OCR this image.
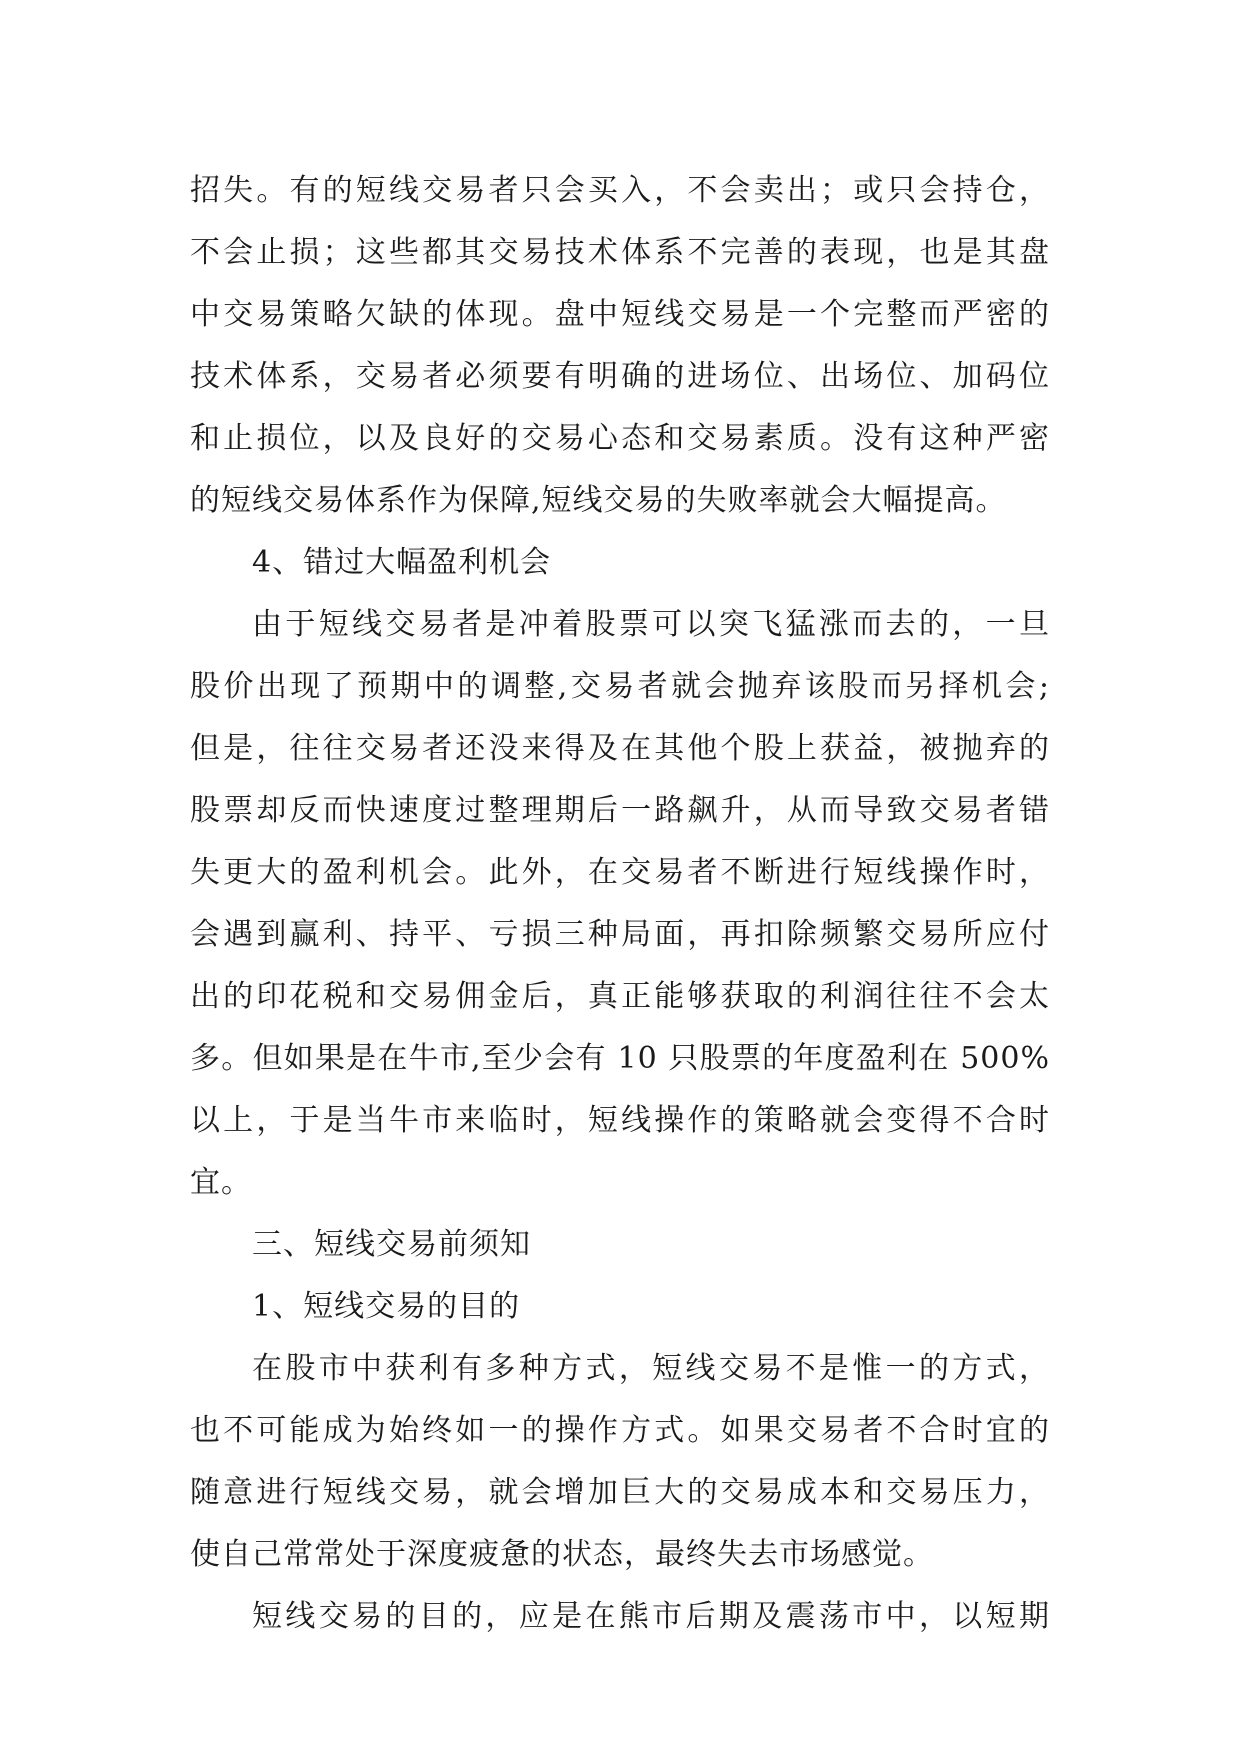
招失。有的短线交易者只会买入，不会卖出；或只会持仓，
不会止损；这些都其交易技术体系不完善的表现，也是其盘
中交易策略欠缺的体现。盘中短线交易是一个完整而严密的
技术体系，交易者必须要有明确的进场位、出场位、加码位
和止损位，以及良好的交易心态和交易素质。没有这种严密
的短线交易体系作为保障,短线交易的失败率就会大幅提高。
4、错过大幅盈利机会
由于短线交易者是冲着股票可以突飞猛涨而去的，一旦
股价出现了预期中的调整,交易者就会抛弃该股而另择机会;
但是，往往交易者还没来得及在其他个股上获益，被抛弃的
股票却反而快速度过整理期后一路飙升，从而导致交易者错
失更大的盈利机会。此外，在交易者不断进行短线操作时，
会遇到赢利、持平、亏损三种局面，再扣除频繁交易所应付
出的印花税和交易佣金后，真正能够获取的利润往往不会太
多。但如果是在牛市,至少会有 10 只股票的年度盈利在 500%
以上，于是当牛市来临时，短线操作的策略就会变得不合时
宜。
三、短线交易前须知
1、短线交易的目的
在股市中获利有多种方式，短线交易不是惟一的方式，
也不可能成为始终如一的操作方式。如果交易者不合时宜的
随意进行短线交易，就会增加巨大的交易成本和交易压力，
使自己常常处于深度疲惫的状态，最终失去市场感觉。
短线交易的目的，应是在熊市后期及震荡市中，以短期
